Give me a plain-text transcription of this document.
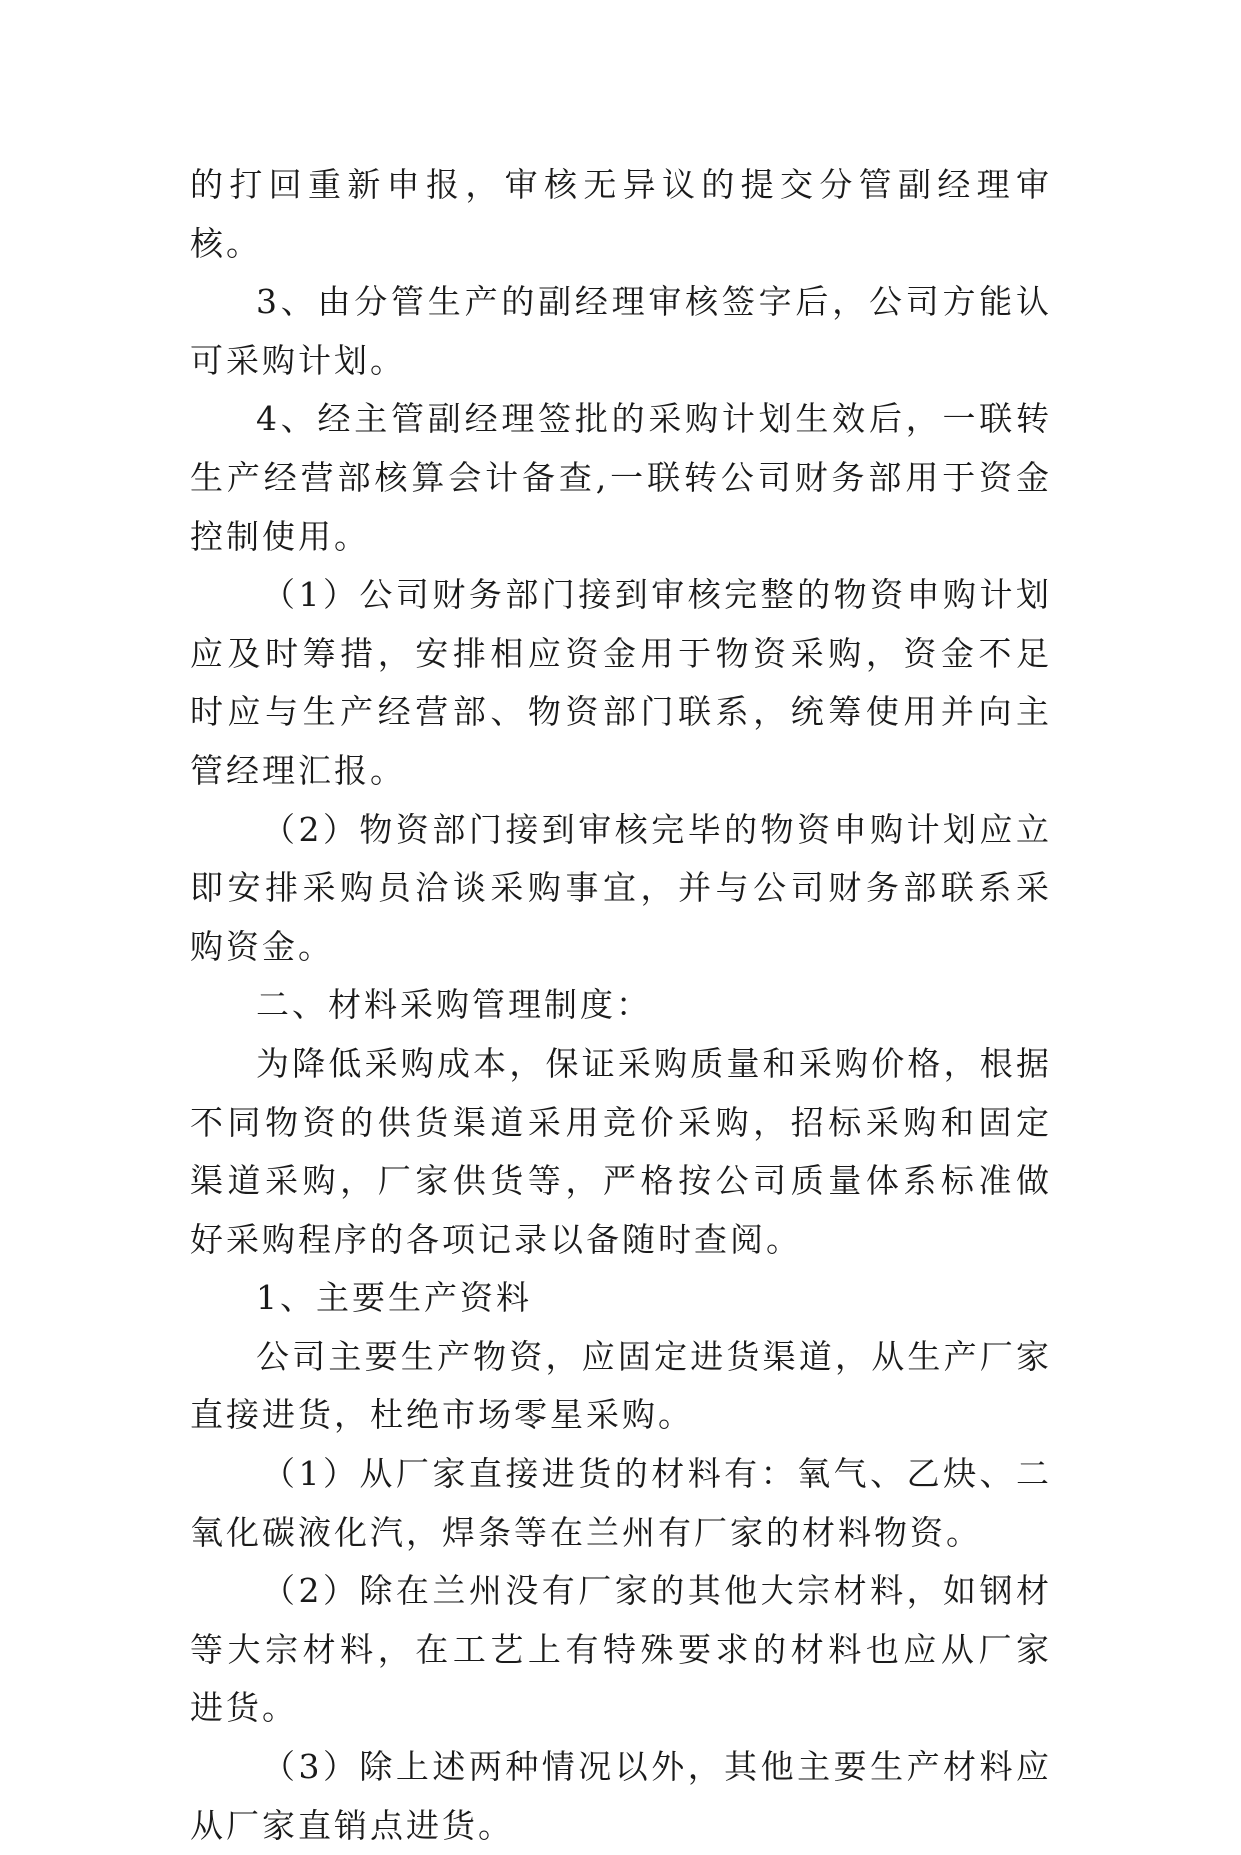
的打回重新申报，审核无异议的提交分管副经理审核。

3、由分管生产的副经理审核签字后，公司方能认可采购计划。

4、经主管副经理签批的采购计划生效后，一联转生产经营部核算会计备查,一联转公司财务部用于资金控制使用。

（1）公司财务部门接到审核完整的物资申购计划应及时筹措，安排相应资金用于物资采购，资金不足时应与生产经营部、物资部门联系，统筹使用并向主管经理汇报。

（2）物资部门接到审核完毕的物资申购计划应立即安排采购员洽谈采购事宜，并与公司财务部联系采购资金。

二、材料采购管理制度：

为降低采购成本，保证采购质量和采购价格，根据不同物资的供货渠道采用竞价采购，招标采购和固定渠道采购，厂家供货等，严格按公司质量体系标准做好采购程序的各项记录以备随时查阅。

1、主要生产资料

公司主要生产物资，应固定进货渠道，从生产厂家直接进货，杜绝市场零星采购。

（1）从厂家直接进货的材料有：氧气、乙炔、二氧化碳液化汽，焊条等在兰州有厂家的材料物资。

（2）除在兰州没有厂家的其他大宗材料，如钢材等大宗材料，在工艺上有特殊要求的材料也应从厂家进货。

（3）除上述两种情况以外，其他主要生产材料应从厂家直销点进货。
